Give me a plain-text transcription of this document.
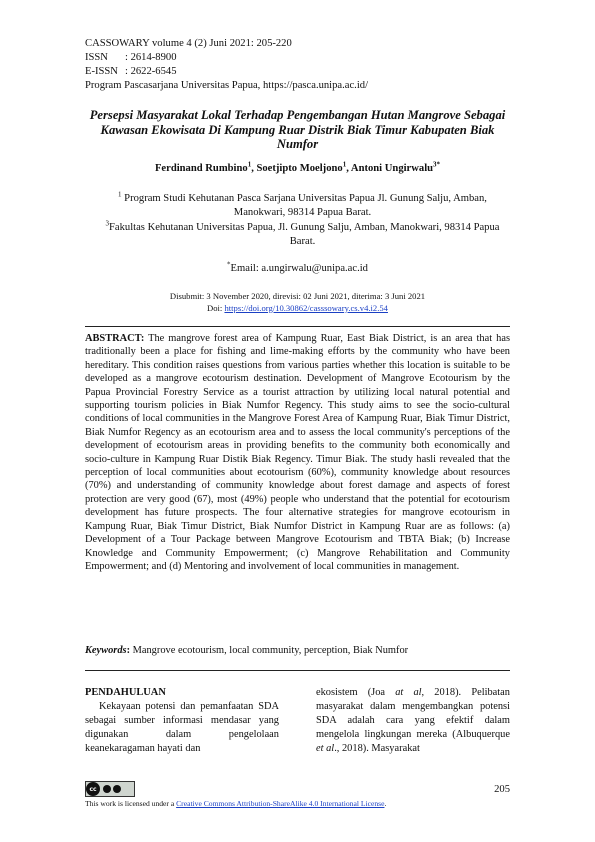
CASSOWARY volume 4 (2) Juni 2021: 205-220
ISSN : 2614-8900
E-ISSN : 2622-6545
Program Pascasarjana Universitas Papua, https://pasca.unipa.ac.id/
Persepsi Masyarakat Lokal Terhadap Pengembangan Hutan Mangrove Sebagai Kawasan Ekowisata Di Kampung Ruar Distrik Biak Timur Kabupaten Biak Numfor
Ferdinand Rumbino$^1$, Soetjipto Moeljono$^1$, Antoni Ungirwalu$^{3*}$
$^1$ Program Studi Kehutanan Pasca Sarjana Universitas Papua Jl. Gunung Salju, Amban, Manokwari, 98314 Papua Barat.
$^3$Fakultas Kehutanan Universitas Papua, Jl. Gunung Salju, Amban, Manokwari, 98314 Papua Barat.
*Email: a.ungirwalu@unipa.ac.id
Disubmit: 3 November 2020, direvisi: 02 Juni 2021, diterima: 3 Juni 2021
Doi: https://doi.org/10.30862/casssowary.cs.v4.i2.54
ABSTRACT: The mangrove forest area of Kampung Ruar, East Biak District, is an area that has traditionally been a place for fishing and lime-making efforts by the community who have been hereditary. This condition raises questions from various parties whether this location is suitable to be developed as a mangrove ecotourism destination. Development of Mangrove Ecotourism by the Papua Provincial Forestry Service as a tourist attraction by utilizing local natural potential and supporting tourism policies in Biak Numfor Regency. This study aims to see the socio-cultural conditions of local communities in the Mangrove Forest Area of Kampung Ruar, Biak Timur District, Biak Numfor Regency as an ecotourism area and to assess the local community's perceptions of the development of ecotourism areas in providing benefits to the community both economically and socio-culture in Kampung Ruar Distik Biak Regency. Timur Biak. The study hasli revealed that the perception of local communities about ecotourism (60%), community knowledge about resources (70%) and understanding of community knowledge about forest damage and aspects of forest protection are very good (67), most (49%) people who understand that the potential for ecotourism development has future prospects. The four alternative strategies for mangrove ecotourism in Kampung Ruar, Biak Timur District, Biak Numfor District in Kampung Ruar are as follows: (a) Development of a Tour Package between Mangrove Ecotourism and TBTA Biak; (b) Increase Knowledge and Community Empowerment; (c) Mangrove Rehabilitation and Community Empowerment; and (d) Mentoring and involvement of local communities in management.
Keywords: Mangrove ecotourism, local community, perception, Biak Numfor
PENDAHULUAN
Kekayaan potensi dan pemanfaatan SDA sebagai sumber informasi mendasar yang digunakan dalam pengelolaan keanekaragaman hayati dan
ekosistem (Joa at al, 2018). Pelibatan masyarakat dalam mengembangkan potensi SDA adalah cara yang efektif dalam mengelola lingkungan mereka (Albuquerque et al., 2018). Masyarakat
cc	205
This work is licensed under a Creative Commons Attribution-ShareAlike 4.0 International License.
